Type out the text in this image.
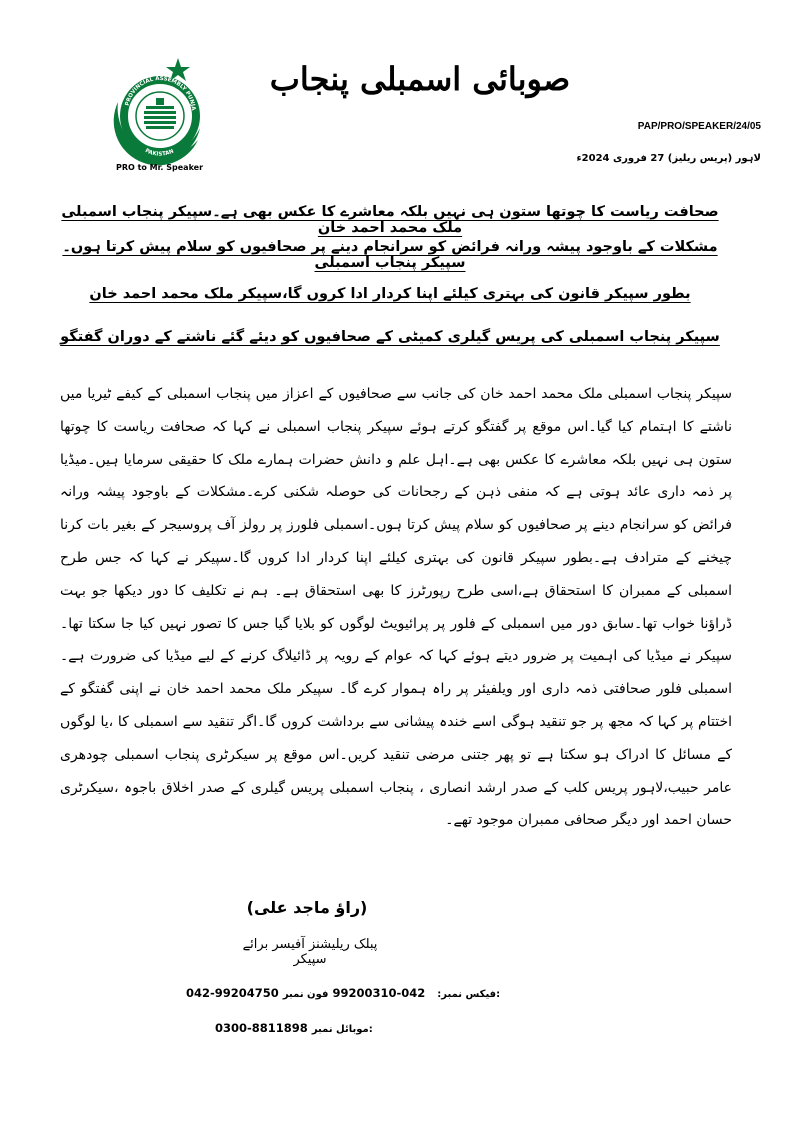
PROVINCIAL ASSEMBLY PUNJA
PAKISTAN
PRO to Mr. Speaker
صوبائی اسمبلی پنجاب
PAP/PRO/SPEAKER/24/05
لاہور (پریس ریلیز) 27 فروری 2024ء
صحافت ریاست کا چوتھا ستون ہی نہیں بلکہ معاشرے کا عکس بھی ہے۔سپیکر پنجاب اسمبلی ملک محمد احمد خان
مشکلات کے باوجود پیشہ ورانہ فرائض کو سرانجام دینے پر صحافیوں کو سلام پیش کرتا ہوں۔سپیکر پنجاب اسمبلی
بطور سپیکر قانون کی بہتری کیلئے اپنا کردار ادا کروں گا،سپیکر ملک محمد احمد خان
سپیکر پنجاب اسمبلی کی پریس گیلری کمیٹی کے صحافیوں کو دیئے گئے ناشتے کے دوران گفتگو
سپیکر پنجاب اسمبلی ملک محمد احمد خان کی جانب سے صحافیوں کے اعزاز میں پنجاب اسمبلی کے کیفے ٹیریا میں ناشتے کا اہتمام کیا گیا۔اس موقع پر گفتگو کرتے ہوئے سپیکر پنجاب اسمبلی نے کہا کہ صحافت ریاست کا چوتھا ستون ہی نہیں بلکہ معاشرے کا عکس بھی ہے۔اہل علم و دانش حضرات ہمارے ملک کا حقیقی سرمایا ہیں۔میڈیا پر ذمہ داری عائد ہوتی ہے کہ منفی ذہن کے رجحانات کی حوصلہ شکنی کرے۔مشکلات کے باوجود پیشہ ورانہ فرائض کو سرانجام دینے پر صحافیوں کو سلام پیش کرتا ہوں۔اسمبلی فلورز پر رولز آف پروسیجر کے بغیر بات کرنا چیخنے کے مترادف ہے۔بطور سپیکر قانون کی بہتری کیلئے اپنا کردار ادا کروں گا۔سپیکر نے کہا کہ جس طرح اسمبلی کے ممبران کا استحقاق ہے،اسی طرح رپورٹرز کا بھی استحقاق ہے۔ ہم نے تکلیف کا دور دیکھا جو بہت ڈراؤنا خواب تھا۔سابق دور میں اسمبلی کے فلور پر پرائیویٹ لوگوں کو بلایا گیا جس کا تصور نہیں کیا جا سکتا تھا۔سپیکر نے میڈیا کی اہمیت پر ضرور دیتے ہوئے کہا کہ عوام کے رویہ پر ڈائیلاگ کرنے کے لیے میڈیا کی ضرورت ہے۔اسمبلی فلور صحافتی ذمہ داری اور ویلفیئر پر راہ ہموار کرے گا۔ سپیکر ملک محمد احمد خان نے اپنی گفتگو کے اختتام پر کہا کہ مجھ پر جو تنقید ہوگی اسے خندہ پیشانی سے برداشت کروں گا۔اگر تنقید سے اسمبلی کا ،یا لوگوں کے مسائل کا ادراک ہو سکتا ہے تو پھر جتنی مرضی تنقید کریں۔اس موقع پر سیکرٹری پنجاب اسمبلی چودھری عامر حبیب،لاہور پریس کلب کے صدر ارشد انصاری ، پنجاب اسمبلی پریس گیلری کے صدر اخلاق باجوہ ،سیکرٹری حسان احمد اور دیگر صحافی ممبران موجود تھے۔
(راؤ ماجد علی)
پبلک ریلیشنز آفیسر برائے سپیکر
042-99204750	فیکس نمبر:   042-99200310 فون نمبر:
0300-8811898 موبائل نمبر:
